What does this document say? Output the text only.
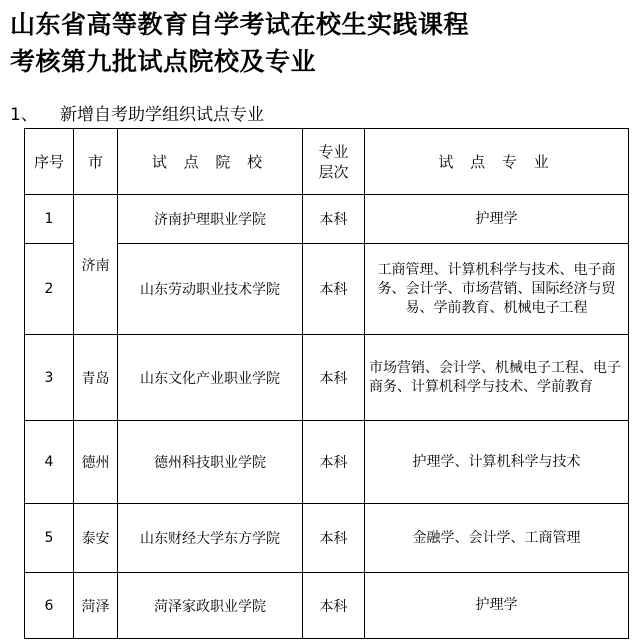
山东省高等教育自学考试在校生实践课程
考核第九批试点院校及专业
1、 新增自考助学组织试点专业
序号	市	试 点 院 校	专业层次	试 点 专 业
1	济南	济南护理职业学院	本科	护理学
2		山东劳动职业技术学院	本科	工商管理、计算机科学与技术、电子商务、会计学、市场营销、国际经济与贸易、学前教育、机械电子工程
3	青岛	山东文化产业职业学院	本科	市场营销、会计学、机械电子工程、电子商务、计算机科学与技术、学前教育
4	德州	德州科技职业学院	本科	护理学、计算机科学与技术
5	泰安	山东财经大学东方学院	本科	金融学、会计学、工商管理
6	菏泽	菏泽家政职业学院	本科	护理学
